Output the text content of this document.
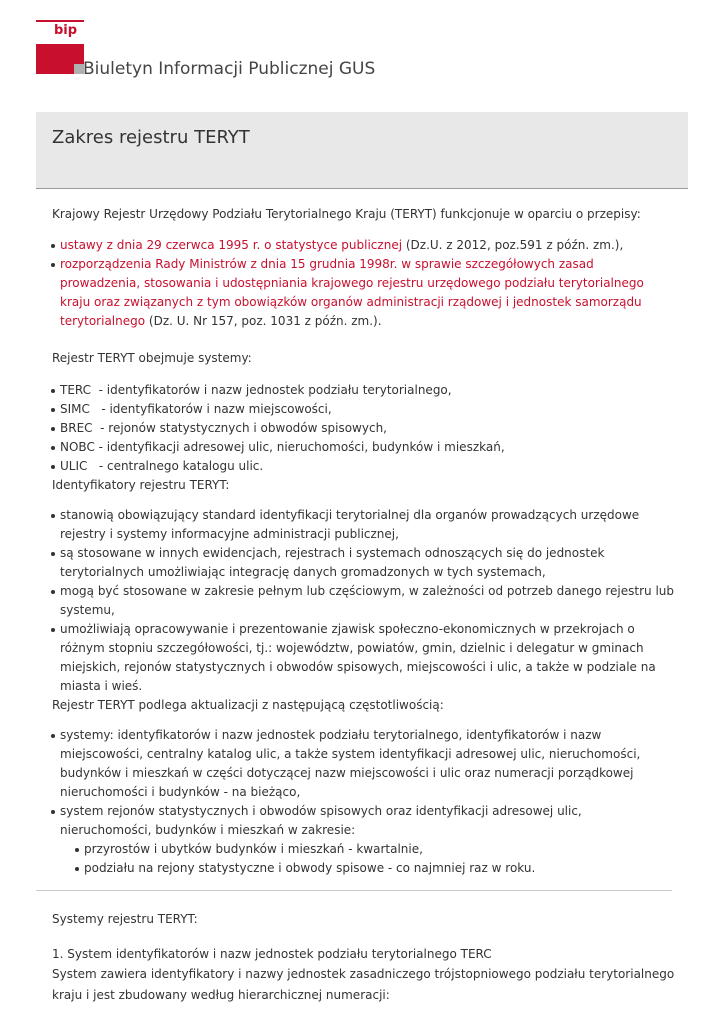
bip
Biuletyn Informacji Publicznej GUS
Zakres rejestru TERYT

Krajowy Rejestr Urzędowy Podziału Terytorialnego Kraju (TERYT) funkcjonuje w oparciu o przepisy:

ustawy z dnia 29 czerwca 1995 r. o statystyce publicznej (Dz.U. z 2012, poz.591 z późn. zm.),
rozporządzenia Rady Ministrów z dnia 15 grudnia 1998r. w sprawie szczegółowych zasad prowadzenia, stosowania i udostępniania krajowego rejestru urzędowego podziału terytorialnego kraju oraz związanych z tym obowiązków organów administracji rządowej i jednostek samorządu terytorialnego (Dz. U. Nr 157, poz. 1031 z późn. zm.).

Rejestr TERYT obejmuje systemy:

TERC  - identyfikatorów i nazw jednostek podziału terytorialnego,
SIMC   - identyfikatorów i nazw miejscowości,
BREC  - rejonów statystycznych i obwodów spisowych,
NOBC - identyfikacji adresowej ulic, nieruchomości, budynków i mieszkań,
ULIC   - centralnego katalogu ulic.

Identyfikatory rejestru TERYT:

stanowią obowiązujący standard identyfikacji terytorialnej dla organów prowadzących urzędowe rejestry i systemy informacyjne administracji publicznej,
są stosowane w innych ewidencjach, rejestrach i systemach odnoszących się do jednostek terytorialnych umożliwiając integrację danych gromadzonych w tych systemach,
mogą być stosowane w zakresie pełnym lub częściowym, w zależności od potrzeb danego rejestru lub systemu,
umożliwiają opracowywanie i prezentowanie zjawisk społeczno-ekonomicznych w przekrojach o różnym stopniu szczegółowości, tj.: województw, powiatów, gmin, dzielnic i delegatur w gminach miejskich, rejonów statystycznych i obwodów spisowych, miejscowości i ulic, a także w podziale na miasta i wieś.

Rejestr TERYT podlega aktualizacji z następującą częstotliwością:

systemy: identyfikatorów i nazw jednostek podziału terytorialnego, identyfikatorów i nazw miejscowości, centralny katalog ulic, a także system identyfikacji adresowej ulic, nieruchomości, budynków i mieszkań w części dotyczącej nazw miejscowości i ulic oraz numeracji porządkowej nieruchomości i budynków - na bieżąco,
system rejonów statystycznych i obwodów spisowych oraz identyfikacji adresowej ulic, nieruchomości, budynków i mieszkań w zakresie:
przyrostów i ubytków budynków i mieszkań - kwartalnie,
podziału na rejony statystyczne i obwody spisowe - co najmniej raz w roku.

Systemy rejestru TERYT:

1. System identyfikatorów i nazw jednostek podziału terytorialnego TERC

System zawiera identyfikatory i nazwy jednostek zasadniczego trójstopniowego podziału terytorialnego kraju i jest zbudowany według hierarchicznej numeracji:
